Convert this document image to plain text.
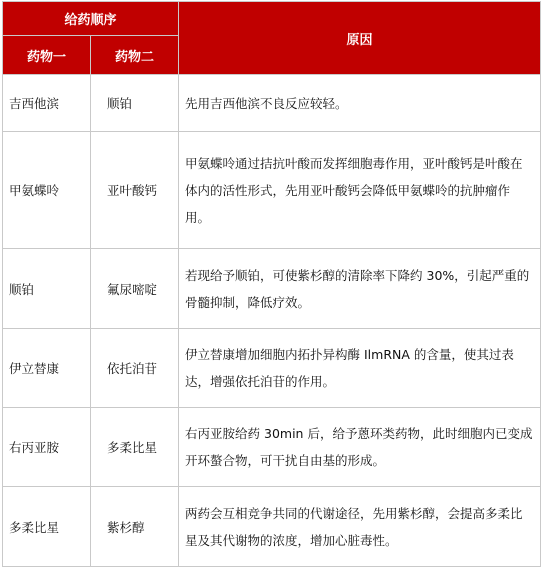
给药顺序		原因
药物一	药物二	
吉西他滨	顺铂	先用吉西他滨不良反应较轻。
甲氨蝶呤	亚叶酸钙	甲氨蝶呤通过拮抗叶酸而发挥细胞毒作用，亚叶酸钙是叶酸在体内的活性形式，先用亚叶酸钙会降低甲氨蝶呤的抗肿瘤作用。
顺铂	氟尿嘧啶	若现给予顺铂，可使紫杉醇的清除率下降约 30%，引起严重的骨髓抑制，降低疗效。
伊立替康	依托泊苷	伊立替康增加细胞内拓扑异构酶 IlmRNA 的含量，使其过表达，增强依托泊苷的作用。
右丙亚胺	多柔比星	右丙亚胺给药 30min 后，给予蒽环类药物，此时细胞内已变成开环螯合物，可干扰自由基的形成。
多柔比星	紫杉醇	两药会互相竞争共同的代谢途径，先用紫杉醇，会提高多柔比星及其代谢物的浓度，增加心脏毒性。
